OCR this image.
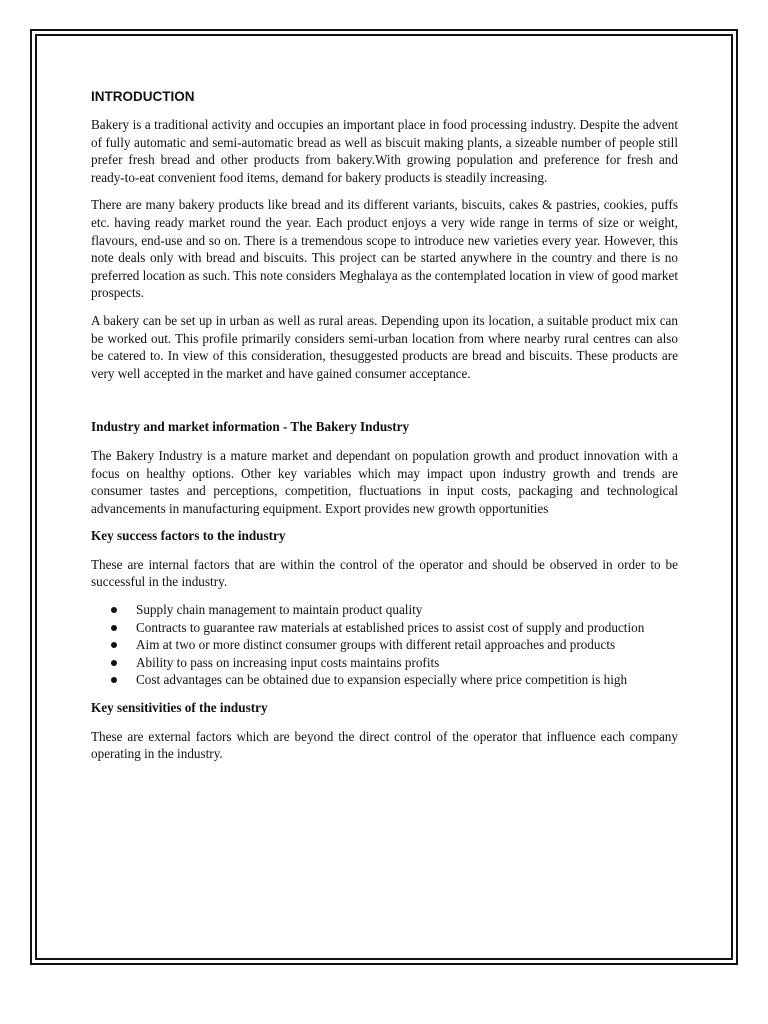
INTRODUCTION

Bakery is a traditional activity and occupies an important place in food processing industry. Despite the advent of fully automatic and semi-automatic bread as well as biscuit making plants, a sizeable number of people still prefer fresh bread and other products from bakery.With growing population and preference for fresh and ready-to-eat convenient food items, demand for bakery products is steadily increasing.

There are many bakery products like bread and its different variants, biscuits, cakes & pastries, cookies, puffs etc. having ready market round the year. Each product enjoys a very wide range in terms of size or weight, flavours, end-use and so on. There is a tremendous scope to introduce new varieties every year. However, this note deals only with bread and biscuits. This project can be started anywhere in the country and there is no preferred location as such. This note considers Meghalaya as the contemplated location in view of good market prospects.

A bakery can be set up in urban as well as rural areas. Depending upon its location, a suitable product mix can be worked out. This profile primarily considers semi-urban location from where nearby rural centres can also be catered to. In view of this consideration, thesuggested products are bread and biscuits. These products are very well accepted in the market and have gained consumer acceptance.

Industry and market information - The Bakery Industry

The Bakery Industry is a mature market and dependant on population growth and product innovation with a focus on healthy options. Other key variables which may impact upon industry growth and trends are consumer tastes and perceptions, competition, fluctuations in input costs, packaging and technological advancements in manufacturing equipment. Export provides new growth opportunities

Key success factors to the industry

These are internal factors that are within the control of the operator and should be observed in order to be successful in the industry.

Supply chain management to maintain product quality
Contracts to guarantee raw materials at established prices to assist cost of supply and production
Aim at two or more distinct consumer groups with different retail approaches and products
Ability to pass on increasing input costs maintains profits
Cost advantages can be obtained due to expansion especially where price competition is high
Key sensitivities of the industry

These are external factors which are beyond the direct control of the operator that influence each company operating in the industry.
